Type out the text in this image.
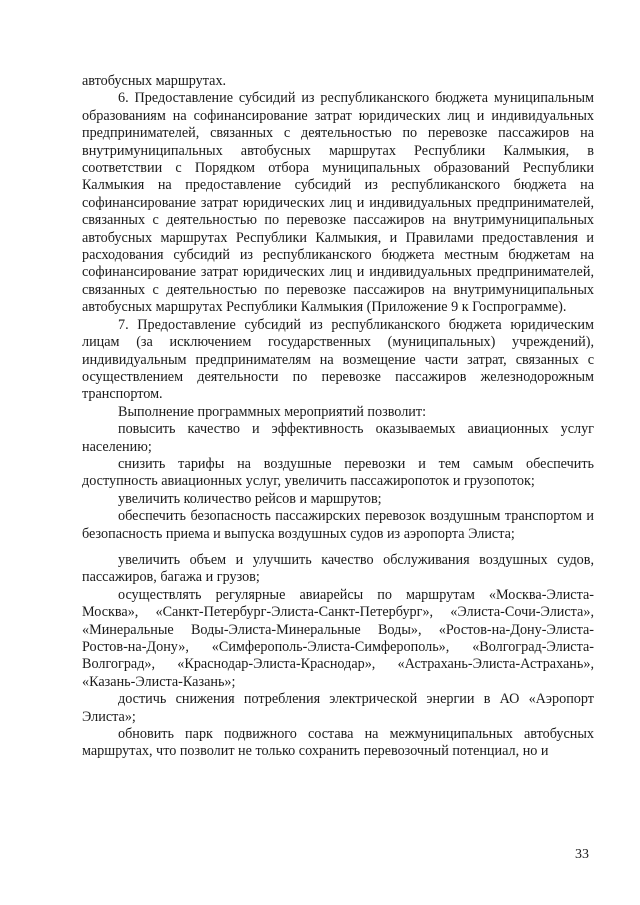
автобусных маршрутах.

6. Предоставление субсидий из республиканского бюджета муниципальным образованиям на софинансирование затрат юридических лиц и индивидуальных предпринимателей, связанных с деятельностью по перевозке пассажиров на внутримуниципальных автобусных маршрутах Республики Калмыкия, в соответствии с Порядком отбора муниципальных образований Республики Калмыкия на предоставление субсидий из республиканского бюджета на софинансирование затрат юридических лиц и индивидуальных предпринимателей, связанных с деятельностью по перевозке пассажиров на внутримуниципальных автобусных маршрутах Республики Калмыкия, и Правилами предоставления и расходования субсидий из республиканского бюджета местным бюджетам на софинансирование затрат юридических лиц и индивидуальных предпринимателей, связанных с деятельностью по перевозке пассажиров на внутримуниципальных автобусных маршрутах Республики Калмыкия (Приложение 9 к Госпрограмме).

7. Предоставление субсидий из республиканского бюджета юридическим лицам (за исключением государственных (муниципальных) учреждений), индивидуальным предпринимателям на возмещение части затрат, связанных с осуществлением деятельности по перевозке пассажиров железнодорожным транспортом.

Выполнение программных мероприятий позволит:

повысить качество и эффективность оказываемых авиационных услуг населению;

снизить тарифы на воздушные перевозки и тем самым обеспечить доступность авиационных услуг, увеличить пассажиропоток и грузопоток;

увеличить количество рейсов и маршрутов;

обеспечить безопасность пассажирских перевозок воздушным транспортом и безопасность приема и выпуска воздушных судов из аэропорта Элиста;

увеличить объем и улучшить качество обслуживания воздушных судов, пассажиров, багажа и грузов;

осуществлять регулярные авиарейсы по маршрутам «Москва-Элиста-Москва», «Санкт-Петербург-Элиста-Санкт-Петербург», «Элиста-Сочи-Элиста», «Минеральные Воды-Элиста-Минеральные Воды», «Ростов-на-Дону-Элиста-Ростов-на-Дону», «Симферополь-Элиста-Симферополь», «Волгоград-Элиста-Волгоград», «Краснодар-Элиста-Краснодар», «Астрахань-Элиста-Астрахань», «Казань-Элиста-Казань»;

достичь снижения потребления электрической энергии в АО «Аэропорт Элиста»;

обновить парк подвижного состава на межмуниципальных автобусных маршрутах, что позволит не только сохранить перевозочный потенциал, но и

33
